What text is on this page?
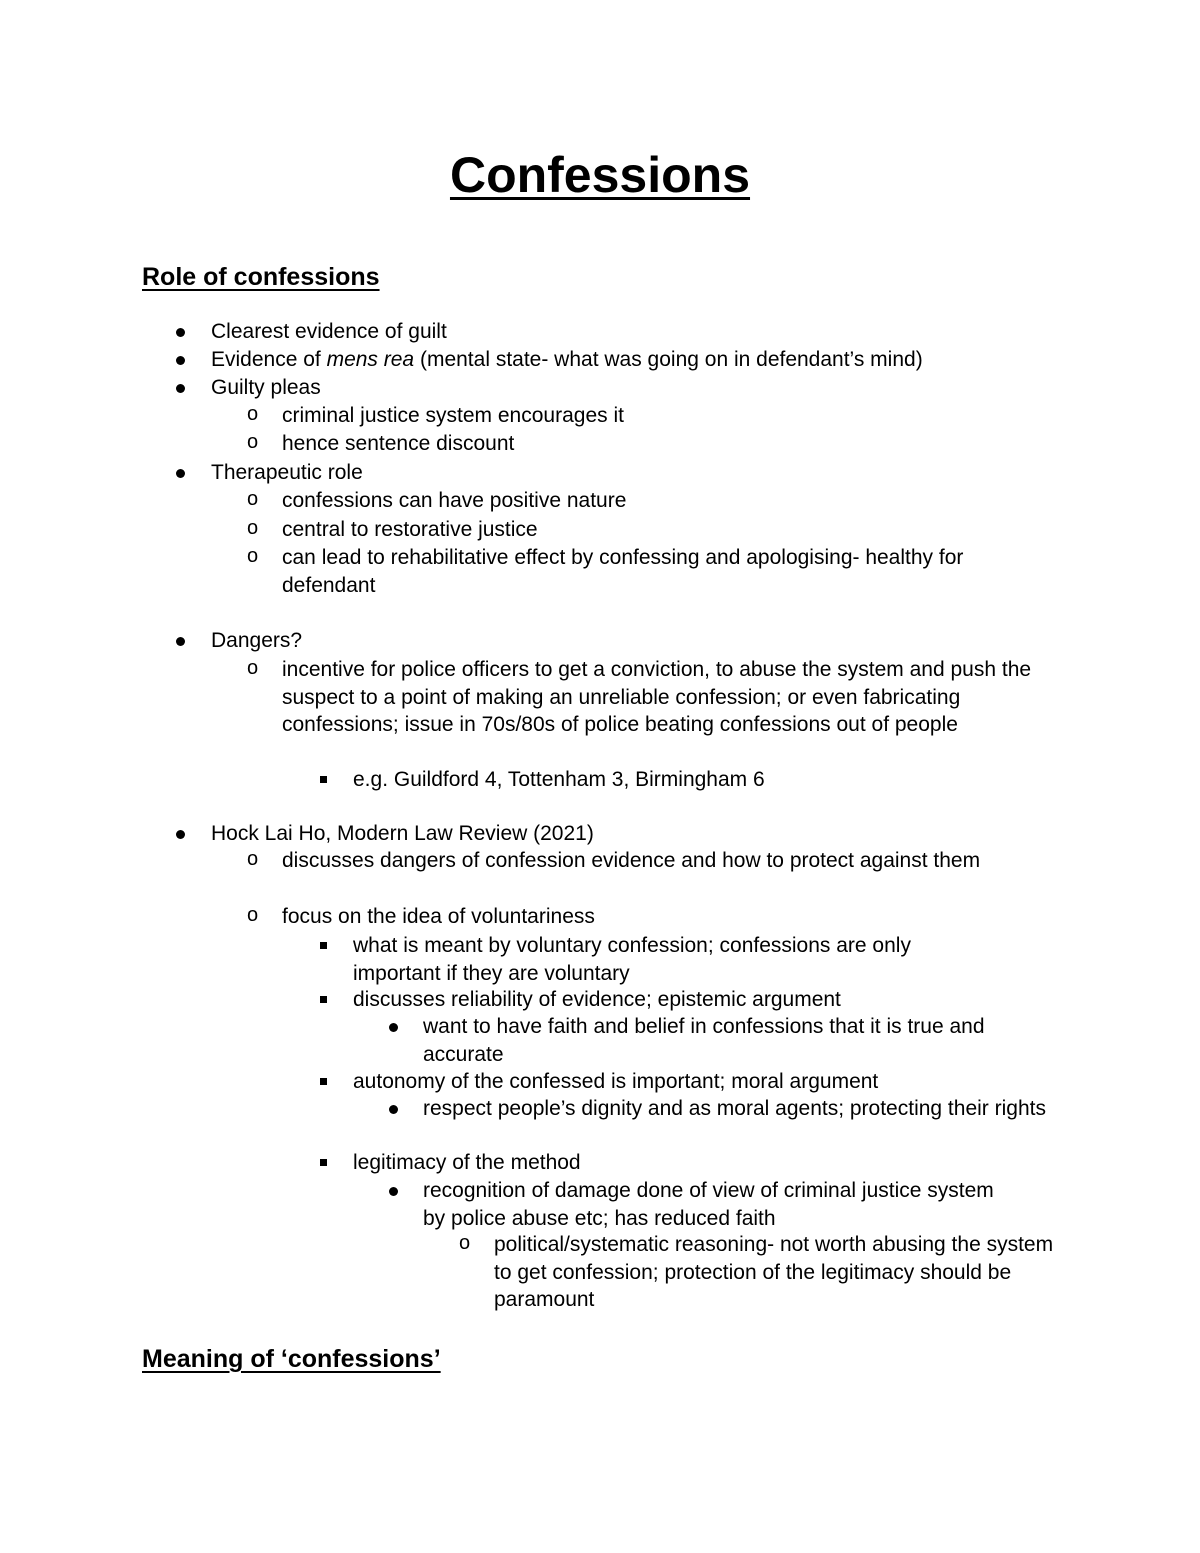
Confessions
Role of confessions
Clearest evidence of guilt
Evidence of mens rea (mental state- what was going on in defendant’s mind)
Guilty pleas
o criminal justice system encourages it
o hence sentence discount
Therapeutic role
o confessions can have positive nature
o central to restorative justice
o can lead to rehabilitative effect by confessing and apologising- healthy for defendant
Dangers?
o incentive for police officers to get a conviction, to abuse the system and push the suspect to a point of making an unreliable confession; or even fabricating confessions; issue in 70s/80s of police beating confessions out of people
e.g. Guildford 4, Tottenham 3, Birmingham 6
Hock Lai Ho, Modern Law Review (2021)
o discusses dangers of confession evidence and how to protect against them
o focus on the idea of voluntariness
what is meant by voluntary confession; confessions are only important if they are voluntary
discusses reliability of evidence; epistemic argument
want to have faith and belief in confessions that it is true and accurate
autonomy of the confessed is important; moral argument
respect people’s dignity and as moral agents; protecting their rights
legitimacy of the method
recognition of damage done of view of criminal justice system by police abuse etc; has reduced faith
o political/systematic reasoning- not worth abusing the system to get confession; protection of the legitimacy should be paramount
Meaning of ‘confessions’
